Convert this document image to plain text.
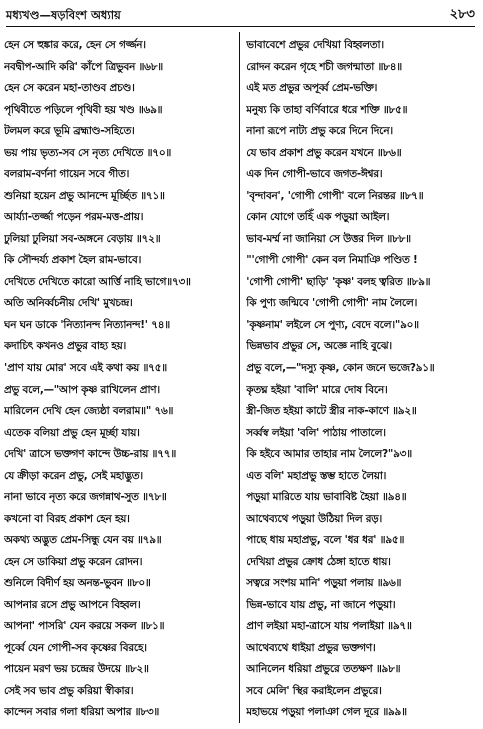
মধ্যখণ্ড—ষড়বিংশ অধ্যায়	২৮৩
হেন সে হুঙ্কার করে, হেন সে গর্জ্জন।
নবদ্বীপ-আদি করি' কাঁপে ত্রিভুবন ॥৬৮॥
হেন সে করেন মহা-তাণ্ডব প্রচণ্ড।
পৃথিবীতে পড়িলে পৃথিবী হয় খণ্ড ॥৬৯॥
টলমল করে ভূমি ব্রহ্মাণ্ড-সহিতে।
ভয় পায় ভৃত্য-সব সে নৃত্য দেখিতে ॥৭০॥
বলরাম-বর্ণনা গায়েন সবে গীত।
শুনিয়া হয়েন প্রভু আনন্দে মূর্চ্ছিত ॥৭১॥
আর্য্যা-তর্জ্জা পড়েন পরম-মত্ত-প্রায়।
ঢুলিয়া ঢুলিয়া সব-অঙ্গনে বেড়ায় ॥৭২॥
কি সৌন্দর্য্য প্রকাশ হৈল রাম-ভাবে।
দেখিতে দেখিতে কারো আর্ত্তি নাহি ভাগে॥৭৩॥
অতি অনির্ব্বচনীয় দেখি' মুখচন্দ্র।
ঘন ঘন ডাকে 'নিত্যানন্দ নিত্যানন্দ!' ৭৪॥
কদাচিৎ কখনও প্রভুর বাহ্য হয়।
'প্রাণ যায় মোর' সবে এই কথা কয় ॥৭৫॥
প্রভু বলে,—"আপ কৃষ্ণ রাখিলেন প্রাণ।
মারিলেন দেখি হেন জ্যেষ্ঠা বলরাম॥" ৭৬॥
এতেক বলিয়া প্রভু হেন মূর্চ্ছা যায়।
দেখি' ত্রাসে ভক্তগণ কান্দে উচ্চ-রায় ॥৭৭॥
যে ক্রীড়া করেন প্রভু, সেই মহাদ্ভুত।
নানা ভাবে নৃত্য করে জগন্নাথ-সুত ॥৭৮॥
কখনো বা বিরহ প্রকাশ হেন হয়।
অকথ্য অদ্ভুত প্রেম-সিন্ধু যেন বয় ॥৭৯॥
হেন সে ডাকিয়া প্রভু করেন রোদন।
শুনিলে বিদীর্ণ হয় অনন্ত-ভুবন ॥৮০॥
আপনার রসে প্রভু আপনে বিহ্বল।
আপনা' পাসরি' যেন করয়ে সকল ॥৮১॥
পূর্ব্বে যেন গোপী-সব কৃষ্ণের বিরহে।
পায়েন মরণ ভয় চন্দ্রের উদয়ে ॥৮২॥
সেই সব ভাব প্রভু করিয়া স্বীকার।
কান্দেন সবার গলা ধরিয়া অপার ॥৮৩॥
ভাবাবেশে প্রভুর দেখিয়া বিহ্বলতা।
রোদন করেন গৃহে শচী জগন্মাতা ॥৮৪॥
এই মত প্রভুর অপূর্ব্ব প্রেম-ভক্তি।
মনুষ্য কি তাহা বর্ণিবারে ধরে শক্তি ॥৮৫॥
নানা রূপে নাট্য প্রভু করে দিনে দিনে।
যে ভাব প্রকাশ প্রভু করেন যখনে ॥৮৬॥
এক দিন গোপী-ভাবে জগত-ঈশ্বর।
'বৃন্দাবন', 'গোপী গোপী' বলে নিরন্তর ॥৮৭॥
কোন যোগে তহিঁ এক পড়ুয়া আইল।
ভাব-মর্ম্ম না জানিয়া সে উত্তর দিল ॥৮৮॥
"'গোপী গোপী' কেন বল নিমাঞি পণ্ডিত !
'গোপী গোপী' ছাড়ি' 'কৃষ্ণ' বলহ ত্বরিত ॥৮৯॥
কি পুণ্য জন্মিবে 'গোপী গোপী' নাম লৈলে।
'কৃষ্ণনাম' লইলে সে পুণ্য, বেদে বলে।"৯০॥
ভিন্নভাব প্রভুর সে, অজ্ঞে নাহি বুঝে।
প্রভু বলে,—"দস্যু কৃষ্ণ, কোন জনে ভজে?৯১॥
কৃতঘ্ন হইয়া 'বালি' মারে দোষ বিনে।
স্ত্রী-জিত হইয়া কাটে স্ত্রীর নাক-কাণে ॥৯২॥
সর্ব্বস্ব লইয়া 'বলি' পাঠায় পাতালে।
কি হইবে আমার তাহার নাম লৈলে?"৯৩॥
এত বলি' মহাপ্রভু স্তম্ভ হাতে লৈয়া।
পড়ুয়া মারিতে যায় ভাবাবিষ্ট হৈয়া ॥৯৪॥
আথেব্যথে পড়ুয়া উঠিয়া দিল রড়।
পাছে ধায় মহাপ্রভু, বলে 'ধর ধর' ॥৯৫॥
দেখিয়া প্রভুর ক্রোধ ঠেঙ্গা হাতে ধায়।
সত্বরে সংশয় মানি' পড়ুয়া পলায় ॥৯৬॥
ভিন্ন-ভাবে যায় প্রভু, না জানে পড়ুয়া।
প্রাণ লইয়া মহা-ত্রাসে যায় পলাইয়া ॥৯৭॥
আথেব্যথে ধাইয়া প্রভুর ভক্তগণ।
আনিলেন ধরিয়া প্রভুরে ততক্ষণ ॥৯৮॥
সবে মেলি' স্থির করাইলেন প্রভুরে।
মহাভয়ে পড়ুয়া পলাঞা গেল দূরে ॥৯৯॥
